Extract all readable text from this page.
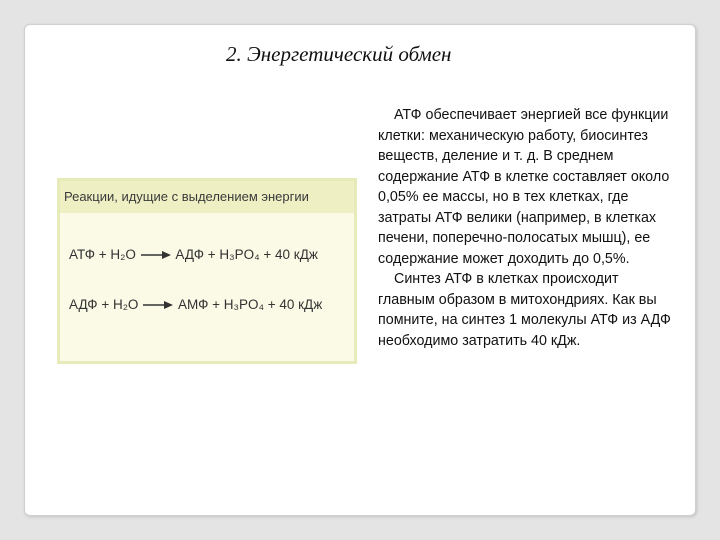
2. Энергетический обмен
Реакции, идущие с выделением энергии
АТФ + H₂O	АДФ + H₃PO₄ + 40 кДж
АДФ + H₂O	АМФ + H₃PO₄ + 40 кДж

АТФ обеспечивает энергией все функции клетки: механическую работу, биосинтез веществ, деление и т. д. В среднем содержание АТФ в клетке составляет около 0,05% ее массы, но в тех клетках, где затраты АТФ велики (например, в клетках печени, поперечно-полосатых мышц), ее содержание может доходить до 0,5%.

Синтез АТФ в клетках происходит главным образом в митохондриях. Как вы помните, на синтез 1 молекулы АТФ из АДФ необходимо затратить 40 кДж.
